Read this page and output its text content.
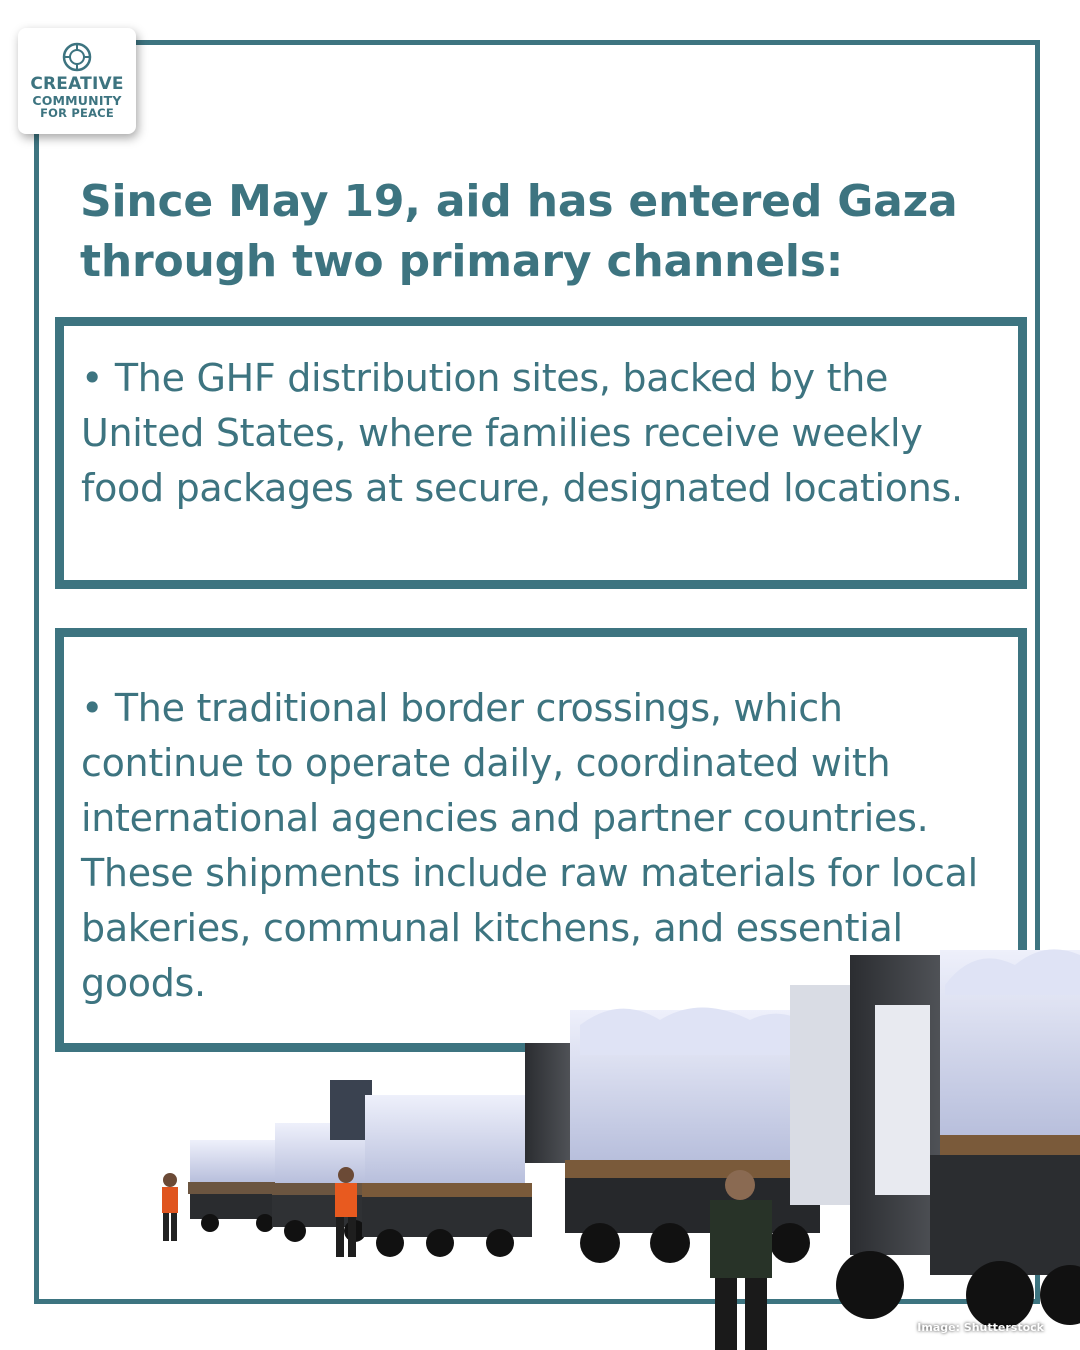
CREATIVE
COMMUNITY
FOR PEACE
Since May 19, aid has entered Gaza through two primary channels:

• The GHF distribution sites, backed by the United States, where families receive weekly food packages at secure, designated locations.

• The traditional border crossings, which continue to operate daily, coordinated with international agencies and partner countries. These shipments include raw materials for local bakeries, communal kitchens, and essential goods.

Image: Shutterstock
